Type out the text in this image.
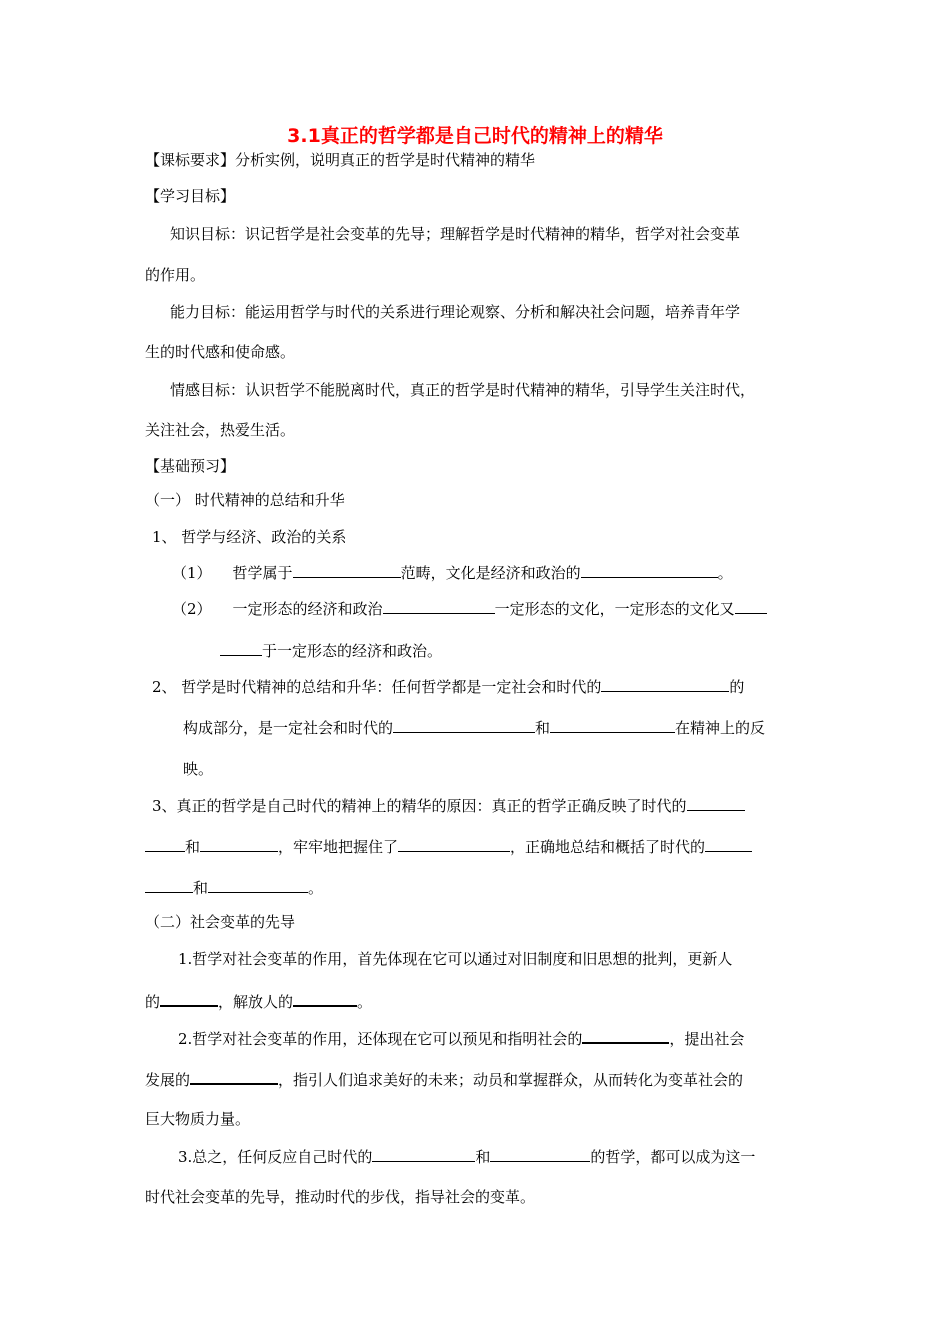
3.1真正的哲学都是自己时代的精神上的精华
【课标要求】分析实例，说明真正的哲学是时代精神的精华
【学习目标】
知识目标：识记哲学是社会变革的先导；理解哲学是时代精神的精华，哲学对社会变革
的作用。
能力目标：能运用哲学与时代的关系进行理论观察、分析和解决社会问题，培养青年学
生的时代感和使命感。
情感目标：认识哲学不能脱离时代，真正的哲学是时代精神的精华，引导学生关注时代，
关注社会，热爱生活。
【基础预习】
（一） 时代精神的总结和升华
1、 哲学与经济、政治的关系
（1） 哲学属于	范畴，文化是经济和政治的	。
（2） 一定形态的经济和政治	一定形态的文化，一定形态的文化又
于一定形态的经济和政治。
2、 哲学是时代精神的总结和升华：任何哲学都是一定社会和时代的	的
构成部分，是一定社会和时代的	和	在精神上的反
映。
3、真正的哲学是自己时代的精神上的精华的原因：真正的哲学正确反映了时代的
和	，牢牢地把握住了	，正确地总结和概括了时代的
和	。
（二）社会变革的先导
1.哲学对社会变革的作用，首先体现在它可以通过对旧制度和旧思想的批判，更新人
的	，解放人的	。
2.哲学对社会变革的作用，还体现在它可以预见和指明社会的	，提出社会
发展的	，指引人们追求美好的未来；动员和掌握群众，从而转化为变革社会的
巨大物质力量。
3.总之，任何反应自己时代的	和	的哲学，都可以成为这一
时代社会变革的先导，推动时代的步伐，指导社会的变革。
